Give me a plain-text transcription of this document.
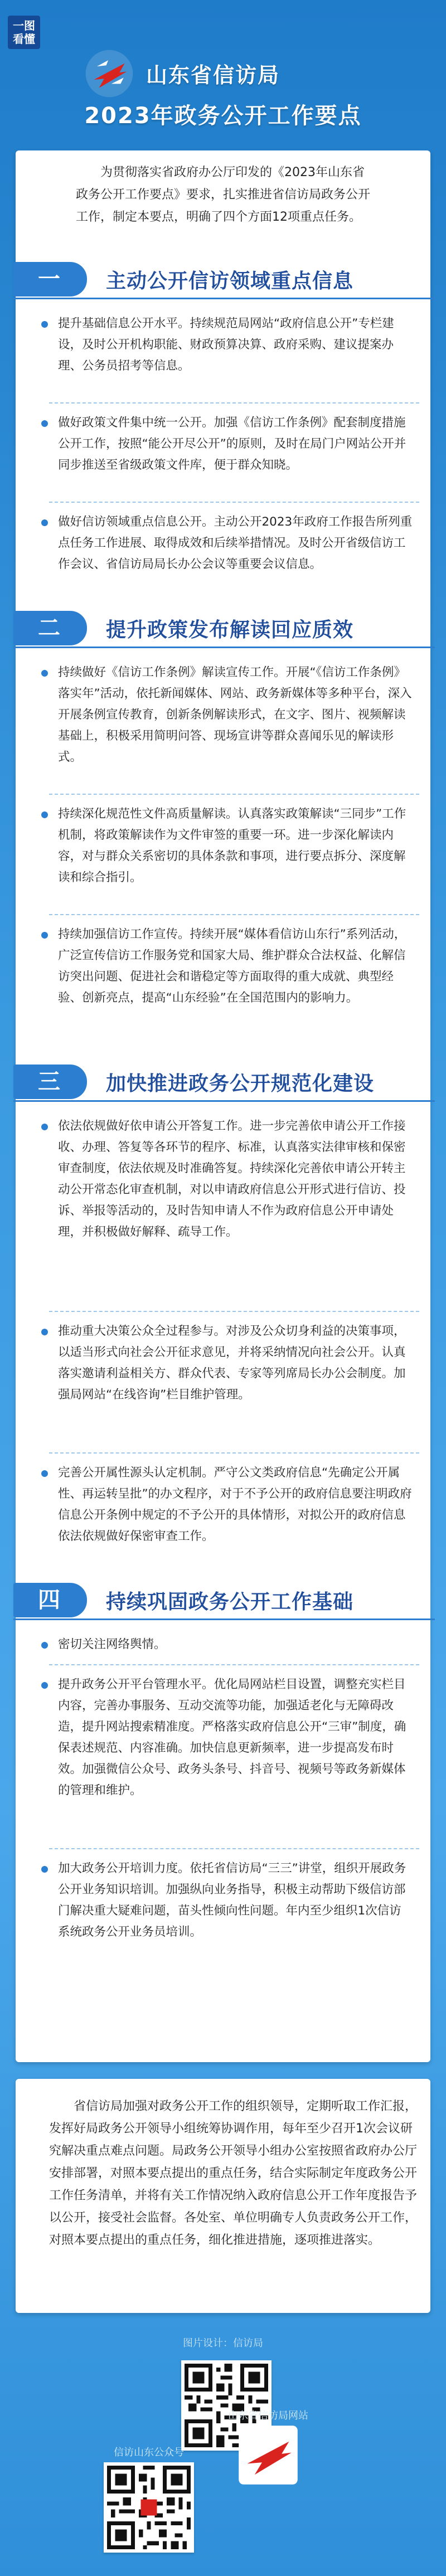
一图
看懂
山东省信访局
2023年政务公开工作要点
为贯彻落实省政府办公厅印发的《2023年山东省政务公开工作要点》要求，扎实推进省信访局政务公开工作，制定本要点，明确了四个方面12项重点任务。
一	主动公开信访领域重点信息

提升基础信息公开水平。持续规范局网站“政府信息公开”专栏建设，及时公开机构职能、财政预算决算、政府采购、建议提案办理、公务员招考等信息。

做好政策文件集中统一公开。加强《信访工作条例》配套制度措施公开工作，按照“能公开尽公开”的原则，及时在局门户网站公开并同步推送至省级政策文件库，便于群众知晓。

做好信访领域重点信息公开。主动公开2023年政府工作报告所列重点任务工作进展、取得成效和后续举措情况。及时公开省级信访工作会议、省信访局局长办公会议等重要会议信息。

二	提升政策发布解读回应质效

持续做好《信访工作条例》解读宣传工作。开展“《信访工作条例》落实年”活动，依托新闻媒体、网站、政务新媒体等多种平台，深入开展条例宣传教育，创新条例解读形式，在文字、图片、视频解读基础上，积极采用简明问答、现场宣讲等群众喜闻乐见的解读形式。

持续深化规范性文件高质量解读。认真落实政策解读“三同步”工作机制，将政策解读作为文件审签的重要一环。进一步深化解读内容，对与群众关系密切的具体条款和事项，进行要点拆分、深度解读和综合指引。

持续加强信访工作宣传。持续开展“媒体看信访山东行”系列活动，广泛宣传信访工作服务党和国家大局、维护群众合法权益、化解信访突出问题、促进社会和谐稳定等方面取得的重大成就、典型经验、创新亮点，提高“山东经验”在全国范围内的影响力。

三	加快推进政务公开规范化建设

依法依规做好依申请公开答复工作。进一步完善依申请公开工作接收、办理、答复等各环节的程序、标准，认真落实法律审核和保密审查制度，依法依规及时准确答复。持续深化完善依申请公开转主动公开常态化审查机制，对以申请政府信息公开形式进行信访、投诉、举报等活动的，及时告知申请人不作为政府信息公开申请处理，并积极做好解释、疏导工作。

推动重大决策公众全过程参与。对涉及公众切身利益的决策事项，以适当形式向社会公开征求意见，并将采纳情况向社会公开。认真落实邀请利益相关方、群众代表、专家等列席局长办公会制度。加强局网站“在线咨询”栏目维护管理。

完善公开属性源头认定机制。严守公文类政府信息“先确定公开属性、再运转呈批”的办文程序，对于不予公开的政府信息要注明政府信息公开条例中规定的不予公开的具体情形，对拟公开的政府信息依法依规做好保密审查工作。

四	持续巩固政务公开工作基础

密切关注网络舆情。

提升政务公开平台管理水平。优化局网站栏目设置，调整充实栏目内容，完善办事服务、互动交流等功能，加强适老化与无障碍改造，提升网站搜索精准度。严格落实政府信息公开“三审”制度，确保表述规范、内容准确。加快信息更新频率，进一步提高发布时效。加强微信公众号、政务头条号、抖音号、视频号等政务新媒体的管理和维护。

加大政务公开培训力度。依托省信访局“三三”讲堂，组织开展政务公开业务知识培训。加强纵向业务指导，积极主动帮助下级信访部门解决重大疑难问题，苗头性倾向性问题。年内至少组织1次信访系统政务公开业务员培训。

省信访局加强对政务公开工作的组织领导，定期听取工作汇报，发挥好局政务公开领导小组统筹协调作用，每年至少召开1次会议研究解决重点难点问题。局政务公开领导小组办公室按照省政府办公厅安排部署，对照本要点提出的重点任务，结合实际制定年度政务公开工作任务清单，并将有关工作情况纳入政府信息公开工作年度报告予以公开，接受社会监督。各处室、单位明确专人负责政务公开工作，对照本要点提出的重点任务，细化推进措施，逐项推进落实。

图片设计：信访局
信访山东公众号
山东省信访局网站
